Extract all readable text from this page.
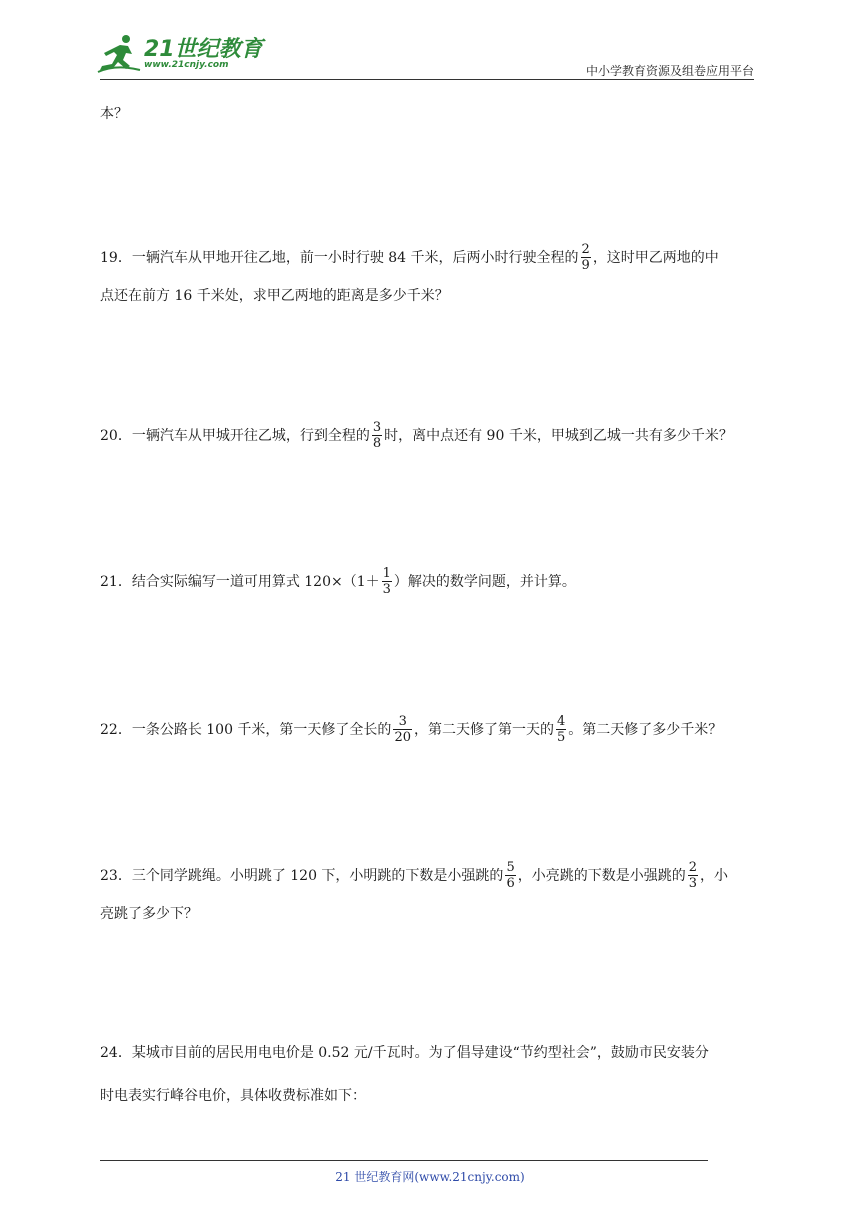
21世纪教育
www.21cnjy.com	中小学教育资源及组卷应用平台
本？
19．一辆汽车从甲地开往乙地，前一小时行驶 84 千米，后两小时行驶全程的 $\frac{2}{9}$ ，这时甲乙两地的中
点还在前方 16 千米处，求甲乙两地的距离是多少千米？
20．一辆汽车从甲城开往乙城，行到全程的 $\frac{3}{8}$ 时，离中点还有 90 千米，甲城到乙城一共有多少千米？
21．结合实际编写一道可用算式 $120\times(1+ \frac{1}{3}$ ）解决的数学问题，并计算。
22．一条公路长 100 千米，第一天修了全长的 $\frac{3}{20}$ ，第二天修了第一天的 $\frac{4}{5}$ 。第二天修了多少千米？
23．三个同学跳绳。小明跳了 120 下，小明跳的下数是小强跳的 $\frac{5}{6}$ ，小亮跳的下数是小强跳的 $\frac{2}{3}$ ，小
亮跳了多少下？
24．某城市目前的居民用电电价是 0.52 元/千瓦时。为了倡导建设“节约型社会”，鼓励市民安装分
时电表实行峰谷电价，具体收费标准如下：
21 世纪教育网(www.21cnjy.com)
